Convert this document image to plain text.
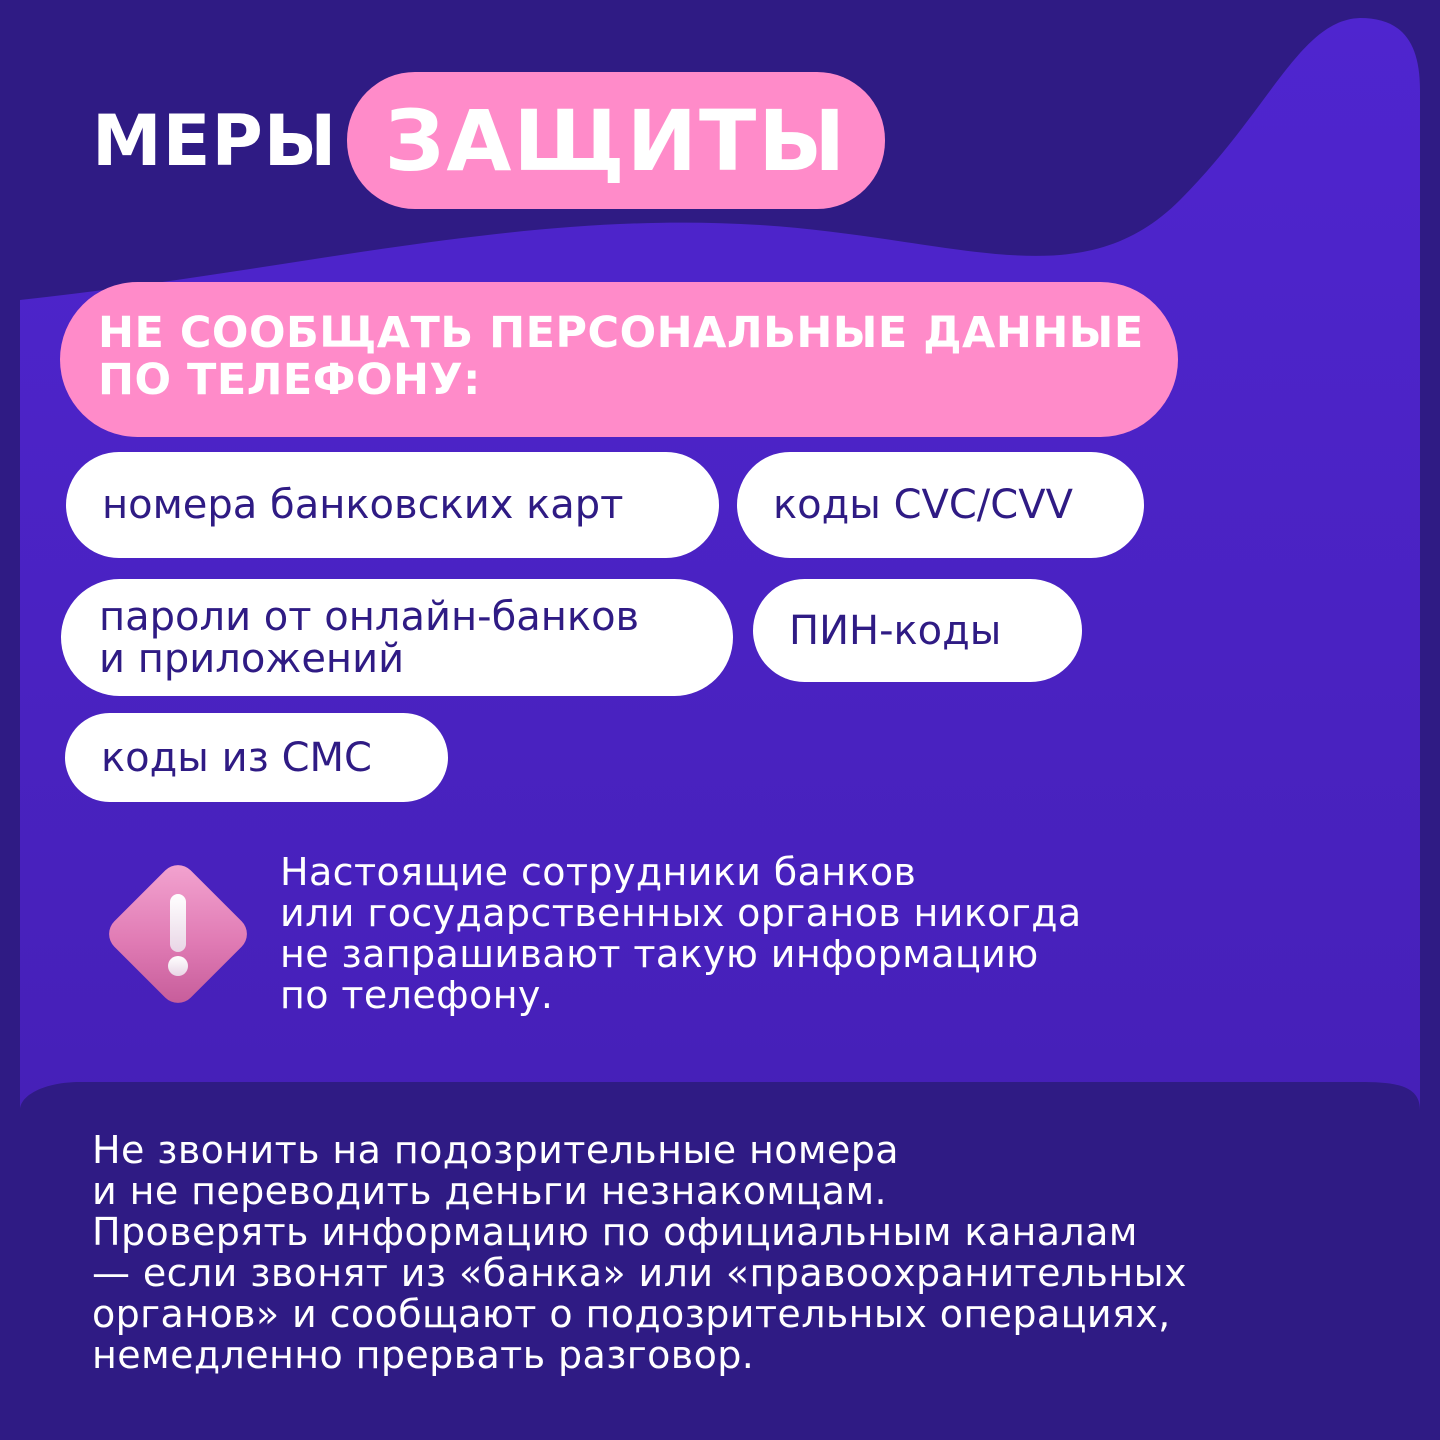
МЕРЫ ЗАЩИТЫ
НЕ СООБЩАТЬ ПЕРСОНАЛЬНЫЕ ДАННЫЕ
ПО ТЕЛЕФОНУ:
номера банковских карт	коды CVC/CVV
пароли от онлайн-банков
и приложений
ПИН-коды
коды из СМС
Настоящие сотрудники банков
или государственных органов никогда
не запрашивают такую информацию
по телефону.
Не звонить на подозрительные номера
и не переводить деньги незнакомцам.
Проверять информацию по официальным каналам
— если звонят из «банка» или «правоохранительных
органов» и сообщают о подозрительных операциях,
немедленно прервать разговор.
